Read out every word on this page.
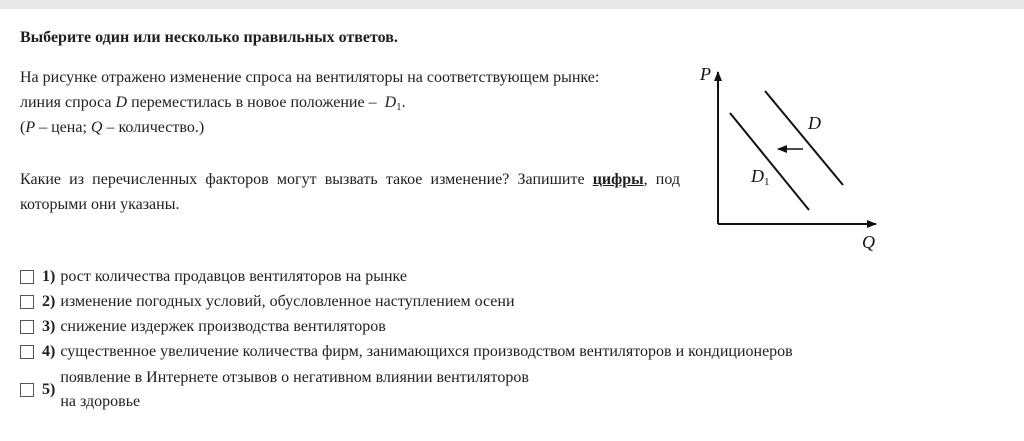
Выберите один или несколько правильных ответов.
На рисунке отражено изменение спроса на вентиляторы на соответствующем рынке:
линия спроса D переместилась в новое положение – $D_1$.
(P – цена; Q – количество.)
Какие из перечисленных факторов могут вызвать такое изменение? Запишите цифры, под которыми они указаны.
P
Q
D
D1
1) рост количества продавцов вентиляторов на рынке
2) изменение погодных условий, обусловленное наступлением осени
3) снижение издержек производства вентиляторов
4) существенное увеличение количества фирм, занимающихся производством вентиляторов и кондиционеров
5)
появление в Интернете отзывов о негативном влиянии вентиляторов
на здоровье
